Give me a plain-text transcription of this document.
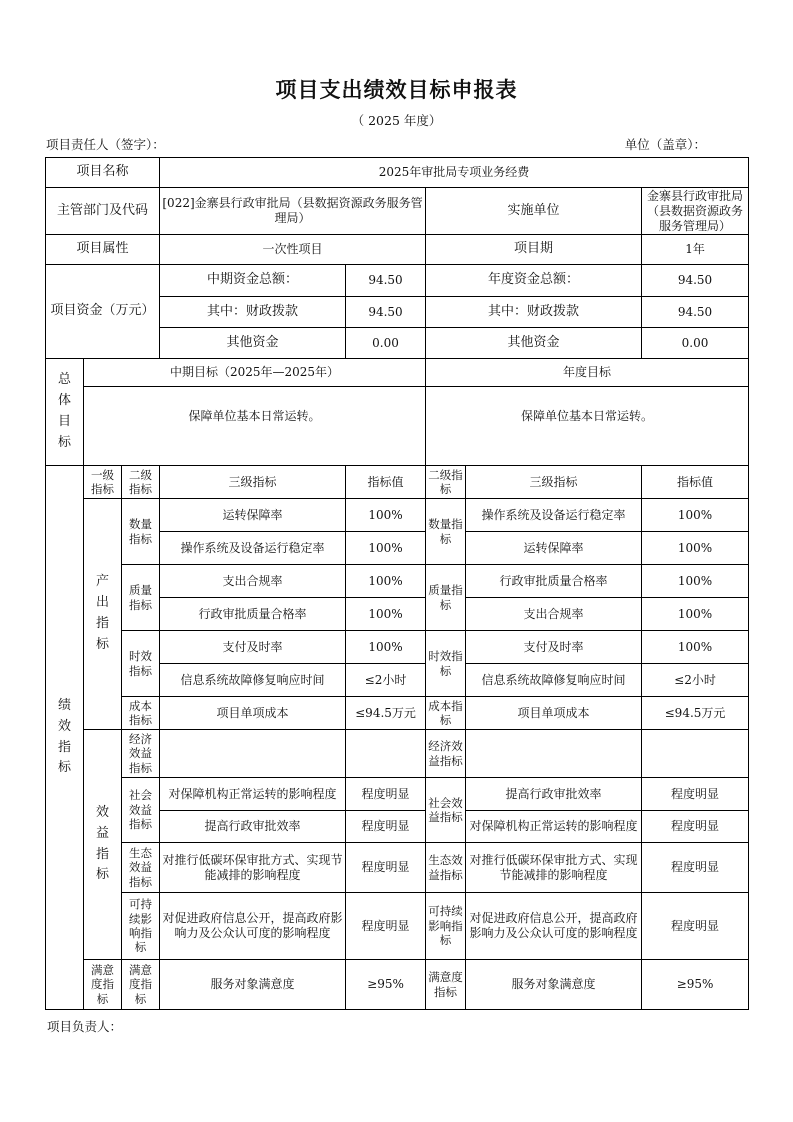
项目支出绩效目标申报表
（ 2025 年度）
项目责任人（签字）：	单位（盖章）：
项目名称			2025年审批局专项业务经费				
主管部门及代码			[022]金寨县行政审批局（县数据资源政务服务管理局）		实施单位		金寨县行政审批局（县数据资源政务服务管理局）
项目属性			一次性项目		项目期		1年
项目资金（万元）			中期资金总额：	94.50	年度资金总额：		94.50
			其中：财政拨款	94.50	其中：财政拨款		94.50
			其他资金	0.00	其他资金		0.00
总体目标	中期目标（2025年—2025年）				年度目标		
	保障单位基本日常运转。				保障单位基本日常运转。		
绩效指标	一级指标	二级指标	三级指标	指标值	二级指标	三级指标	指标值
	产出指标	数量指标	运转保障率	100%	数量指标	操作系统及设备运行稳定率	100%
			操作系统及设备运行稳定率	100%		运转保障率	100%
		质量指标	支出合规率	100%	质量指标	行政审批质量合格率	100%
			行政审批质量合格率	100%		支出合规率	100%
		时效指标	支付及时率	100%	时效指标	支付及时率	100%
			信息系统故障修复响应时间	≤2小时		信息系统故障修复响应时间	≤2小时
		成本指标	项目单项成本	≤94.5万元	成本指标	项目单项成本	≤94.5万元
	效益指标	经济效益指标			经济效益指标		
		社会效益指标	对保障机构正常运转的影响程度	程度明显	社会效益指标	提高行政审批效率	程度明显
			提高行政审批效率	程度明显		对保障机构正常运转的影响程度	程度明显
		生态效益指标	对推行低碳环保审批方式、实现节能减排的影响程度	程度明显	生态效益指标	对推行低碳环保审批方式、实现节能减排的影响程度	程度明显
		可持续影响指标	对促进政府信息公开，提高政府影响力及公众认可度的影响程度	程度明显	可持续影响指标	对促进政府信息公开，提高政府影响力及公众认可度的影响程度	程度明显
	满意度指标	满意度指标	服务对象满意度	≥95%	满意度指标	服务对象满意度	≥95%
项目负责人：
